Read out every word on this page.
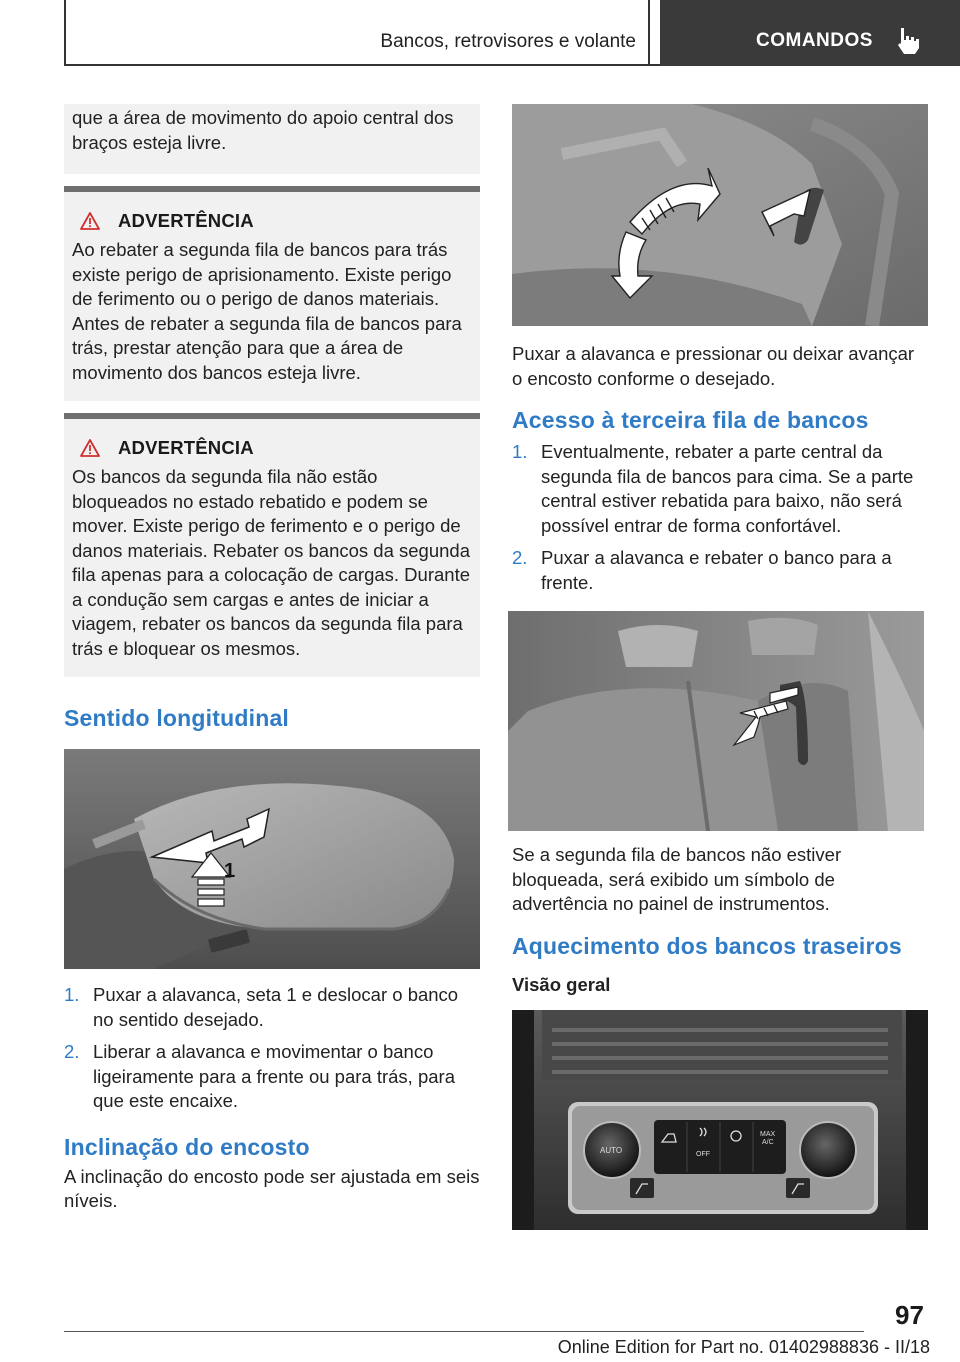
Bancos, retrovisores e volante	COMANDOS

que a área de movimento do apoio central dos braços esteja livre.

ADVERTÊNCIA

Ao rebater a segunda fila de bancos para trás existe perigo de aprisionamento. Existe perigo de ferimento ou o perigo de danos materiais. Antes de rebater a segunda fila de bancos para trás, prestar atenção para que a área de movimento dos bancos esteja livre.

ADVERTÊNCIA

Os bancos da segunda fila não estão bloqueados no estado rebatido e podem se mover. Existe perigo de ferimento e o perigo de danos materiais. Rebater os bancos da segunda fila apenas para a colocação de cargas. Durante a condução sem cargas e antes de iniciar a viagem, rebater os bancos da segunda fila para trás e bloquear os mesmos.

Sentido longitudinal
1
1. Puxar a alavanca, seta 1 e deslocar o banco no sentido desejado.
2. Liberar a alavanca e movimentar o banco ligeiramente para a frente ou para trás, para que este encaixe.
Inclinação do encosto

A inclinação do encosto pode ser ajustada em seis níveis.

Puxar a alavanca e pressionar ou deixar avançar o encosto conforme o desejado.

Acesso à terceira fila de bancos
1. Eventualmente, rebater a parte central da segunda fila de bancos para cima. Se a parte central estiver rebatida para baixo, não será possível entrar de forma confortável.
2. Puxar a alavanca e rebater o banco para a frente.

Se a segunda fila de bancos não estiver bloqueada, será exibido um símbolo de advertência no painel de instrumentos.

Aquecimento dos bancos traseiros
Visão geral
AUTO	OFF
MAX
A/C
97
Online Edition for Part no. 01402988836 - II/18
